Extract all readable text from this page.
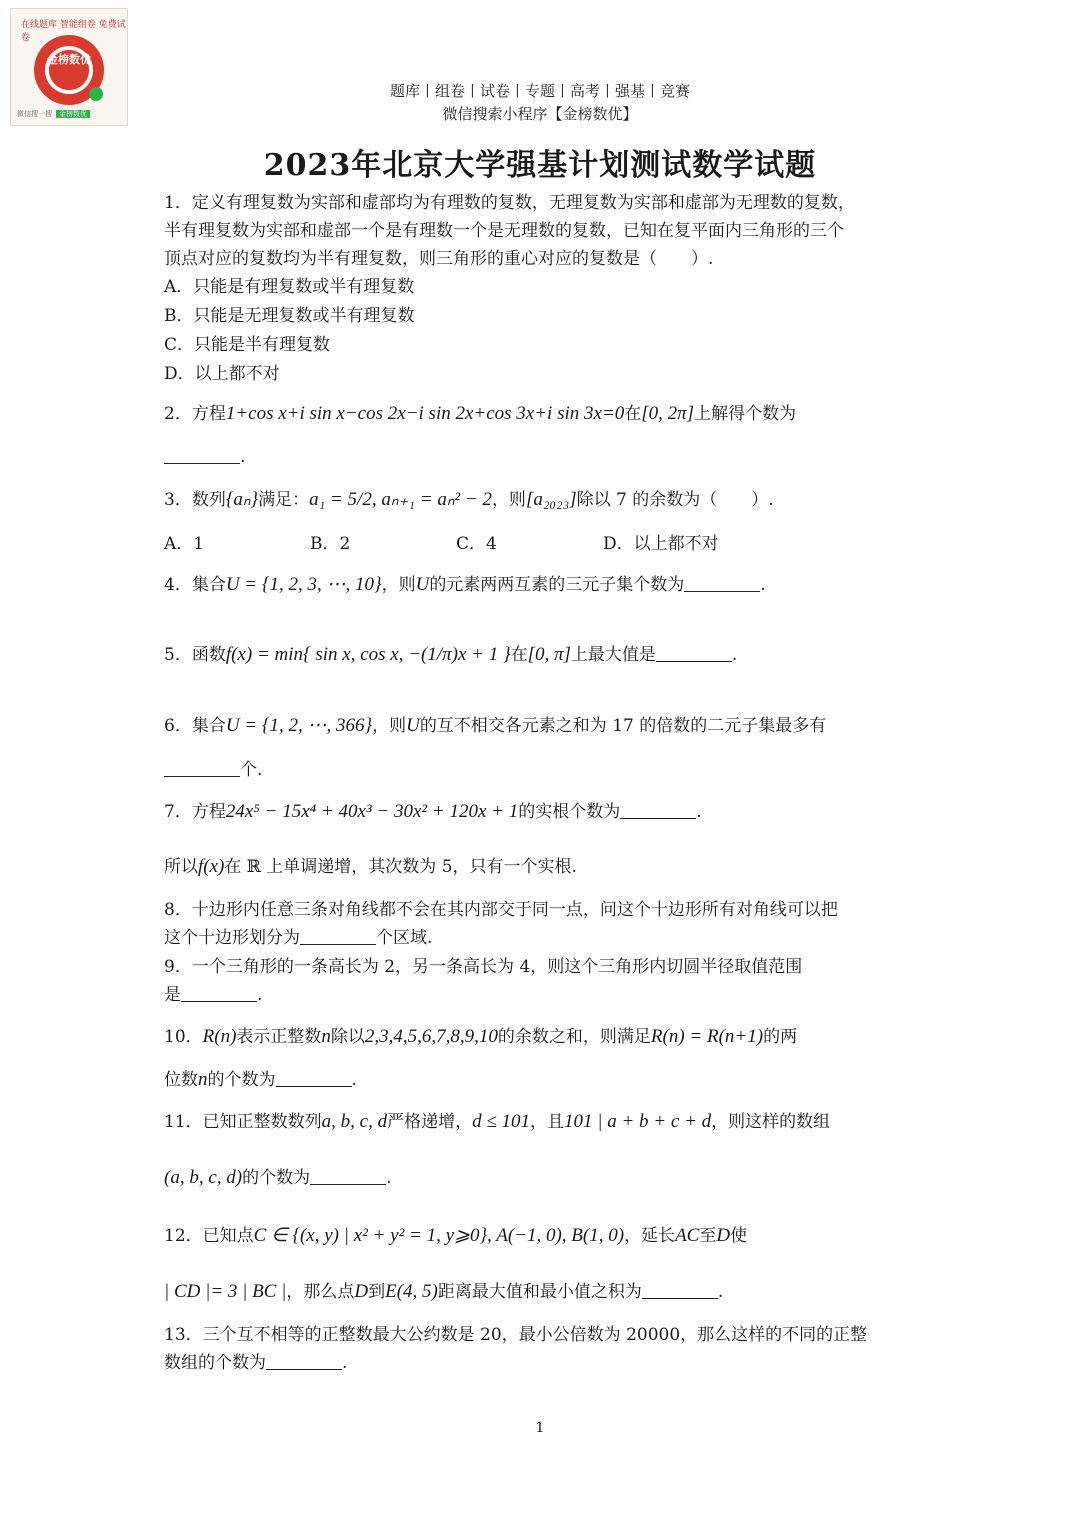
在线题库 智能组卷 免费试卷
金榜数优
微信搜一搜 金榜数优
题库丨组卷丨试卷丨专题丨高考丨强基丨竞赛
微信搜索小程序【金榜数优】
2023年北京大学强基计划测试数学试题
1．定义有理复数为实部和虚部均为有理数的复数，无理复数为实部和虚部为无理数的复数，
半有理复数为实部和虚部一个是有理数一个是无理数的复数，已知在复平面内三角形的三个
顶点对应的复数均为半有理复数，则三角形的重心对应的复数是（　　）.
A．只能是有理复数或半有理复数
B．只能是无理复数或半有理复数
C．只能是半有理复数
D．以上都不对
2．方程1+cos x+i sin x−cos 2x−i sin 2x+cos 3x+i sin 3x=0在[0, 2π]上解得个数为
.
3．数列{aₙ}满足：a₁ = 5/2, aₙ₊₁ = aₙ² − 2，则[a₂₀₂₃]除以 7 的余数为（　　）.
A．1	B．2	C．4	D．以上都不对
4．集合U = {1, 2, 3, ⋯, 10}，则U的元素两两互素的三元子集个数为	.
5．函数f(x) = min{ sin x, cos x, −(1/π)x + 1 }在[0, π]上最大值是	.
6．集合U = {1, 2, ⋯, 366}，则U的互不相交各元素之和为 17 的倍数的二元子集最多有
个.
7．方程24x⁵ − 15x⁴ + 40x³ − 30x² + 120x + 1的实根个数为	.
所以f(x)在 ℝ 上单调递增，其次数为 5，只有一个实根.
8．十边形内任意三条对角线都不会在其内部交于同一点，问这个十边形所有对角线可以把
这个十边形划分为	个区域.
9．一个三角形的一条高长为 2，另一条高长为 4，则这个三角形内切圆半径取值范围
是	.
10．R(n)表示正整数n除以2,3,4,5,6,7,8,9,10的余数之和，则满足R(n) = R(n+1)的两
位数n的个数为	.
11．已知正整数数列a, b, c, d严格递增，d ≤ 101，且101 | a + b + c + d，则这样的数组
(a, b, c, d)的个数为	.
12．已知点C ∈ {(x, y) | x² + y² = 1, y⩾0}, A(−1, 0), B(1, 0)，延长AC至D使
| CD |= 3 | BC |，那么点D到E(4, 5)距离最大值和最小值之积为	.
13．三个互不相等的正整数最大公约数是 20，最小公倍数为 20000，那么这样的不同的正整
数组的个数为	.
1
